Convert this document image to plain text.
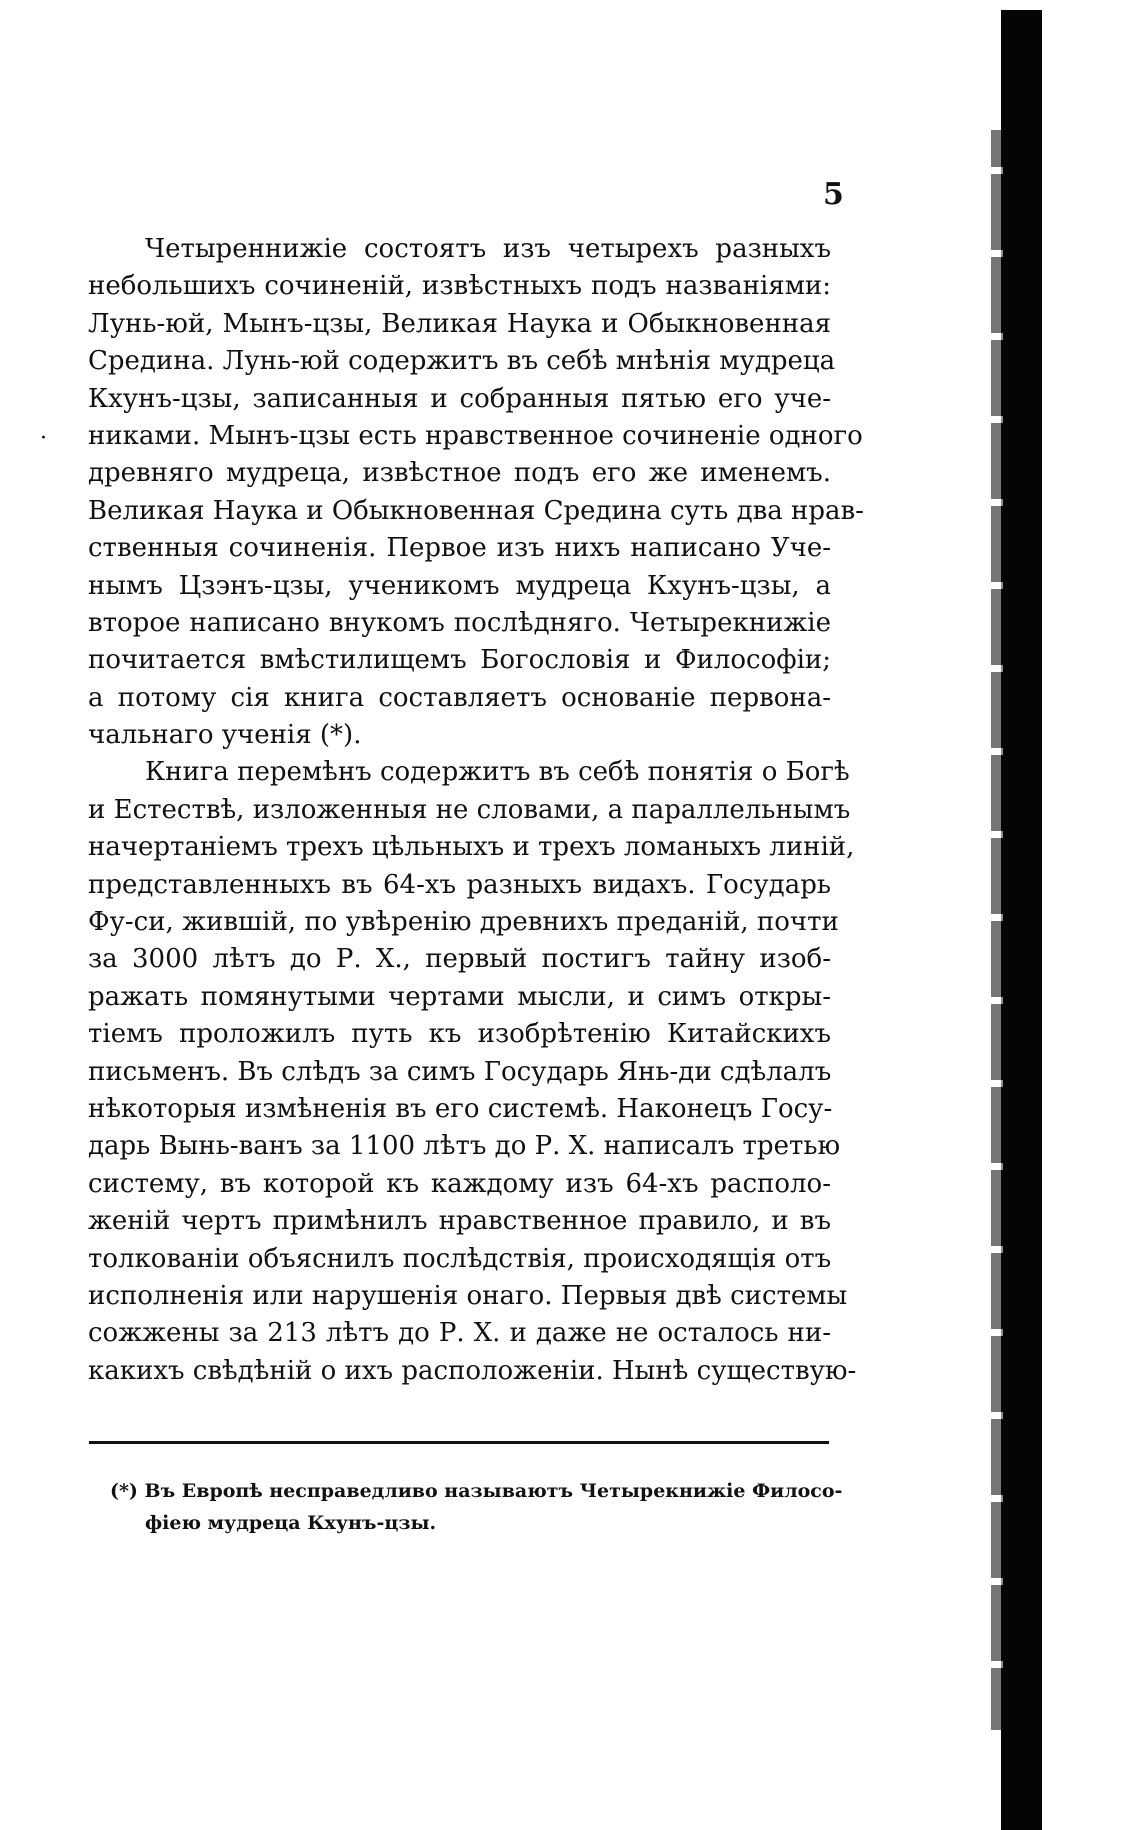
5
·
Четыреннижіе состоятъ изъ четырехъ разныхъ
небольшихъ сочиненій, извѣстныхъ подъ названіями:
Лунь-юй, Мынъ-цзы, Великая Наука и Обыкновенная
Средина. Лунь-юй содержитъ въ себѣ мнѣнія мудреца
Кхунъ-цзы, записанныя и собранныя пятью его уче-
никами. Мынъ-цзы есть нравственное сочиненіе одного
древняго мудреца, извѣстное подъ его же именемъ.
Великая Наука и Обыкновенная Средина суть два нрав-
ственныя сочиненія. Первое изъ нихъ написано Уче-
нымъ Цзэнъ-цзы, ученикомъ мудреца Кхунъ-цзы, а
второе написано внукомъ послѣдняго. Четырекнижіе
почитается вмѣстилищемъ Богословія и Философіи;
а потому сія книга составляетъ основаніе первона-
чальнаго ученія (*).
Книга перемѣнъ содержитъ въ себѣ понятія о Богѣ
и Естествѣ, изложенныя не словами, а параллельнымъ
начертаніемъ трехъ цѣльныхъ и трехъ ломаныхъ линій,
представленныхъ въ 64-хъ разныхъ видахъ. Государь
Фу-си, жившій, по увѣренію древнихъ преданій, почти
за 3000 лѣтъ до Р. Х., первый постигъ тайну изоб-
ражать помянутыми чертами мысли, и симъ откры-
тіемъ проложилъ путь къ изобрѣтенію Китайскихъ
письменъ. Въ слѣдъ за симъ Государь Янь-ди сдѣлалъ
нѣкоторыя измѣненія въ его системѣ. Наконецъ Госу-
дарь Вынь-ванъ за 1100 лѣтъ до Р. Х. написалъ третью
систему, въ которой къ каждому изъ 64-хъ располо-
женій чертъ примѣнилъ нравственное правило, и въ
толкованіи объяснилъ послѣдствія, происходящія отъ
исполненія или нарушенія онаго. Первыя двѣ системы
сожжены за 213 лѣтъ до Р. Х. и даже не осталось ни-
какихъ свѣдѣній о ихъ расположеніи. Нынѣ существую-
(*) Въ Европѣ несправедливо называютъ Четырекнижіе Филосо-
фіею мудреца Кхунъ-цзы.
